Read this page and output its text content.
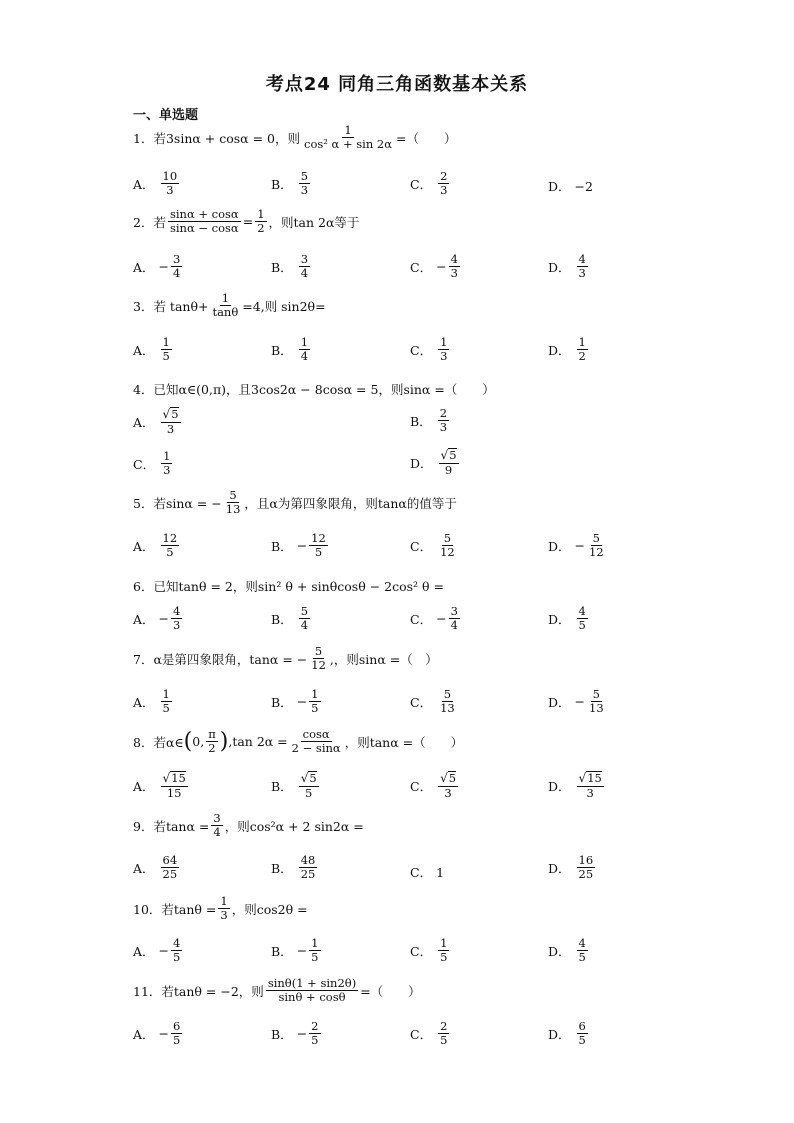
考点24 同角三角函数基本关系
一、单选题
1． 若3sinα + cosα = 0，则 $\frac{1}{\text{cos² α + sin 2α}}$ =（　　）
A． $\frac{10}{3}$	B． $\frac{5}{3}$	C． $\frac{2}{3}$	D． −2
2． 若 $\frac{\sin\alpha + \cos\alpha}{\sin\alpha - \cos\alpha} = \frac{1}{2}$ ，则tan 2α等于
A． − $\frac{3}{4}$	B． $\frac{3}{4}$	C． − $\frac{4}{3}$	D． $\frac{4}{3}$
3． 若 $\tan\theta+ \frac{1}{\tan\theta} =4$,则 sin2θ=
A． $\frac{1}{5}$	B． $\frac{1}{4}$	C． $\frac{1}{3}$	D． $\frac{1}{2}$
4． 已知α∈(0,π)，且3cos2α − 8cosα = 5，则sinα =（　　）
A． $\frac{√5}{3}$	B． $\frac{2}{3}$
C． $\frac{1}{3}$	D． $\frac{√5}{9}$
5． 若sinα = − $\frac{5}{13}$ ，且α为第四象限角，则tanα的值等于
A． $\frac{12}{5}$	B． − $\frac{12}{5}$	C． $\frac{5}{12}$	D． − $\frac{5}{12}$
6． 已知tanθ = 2，则sin² θ + sinθcosθ − 2cos² θ =
A． − $\frac{4}{3}$	B． $\frac{5}{4}$	C． − $\frac{3}{4}$	D． $\frac{4}{5}$
7． α是第四象限角，tanα = − $\frac{5}{12}$ ,，则sinα =（　）
A． $\frac{1}{5}$	B． − $\frac{1}{5}$	C． $\frac{5}{13}$	D． − $\frac{5}{13}$
8． 若α∈ ( 0, $\frac{\pi}{2}$ ) ,tan $2\alpha = \frac{\cos\alpha}{2 - \sin\alpha}$ ，则tanα =（　　）
A． $\frac{√15}{15}$	B． $\frac{√5}{5}$	C． $\frac{√5}{3}$	D． $\frac{√15}{3}$
9． 若$\tan\alpha = \frac{3}{4}$ ，则cos²α + 2 sin2α =
A． $\frac{64}{25}$	B． $\frac{48}{25}$	C． 1	D． $\frac{16}{25}$
10． 若$\tan\theta = \frac{1}{3}$ ，则cos2θ =
A． − $\frac{4}{5}$	B． − $\frac{1}{5}$	C． $\frac{1}{5}$	D． $\frac{4}{5}$
11． 若tanθ = −2，则 $\frac{\sin\theta(1 + \sin 2\theta)}{\sin\theta + \cos\theta}$ =（　　）
A． − $\frac{6}{5}$	B． − $\frac{2}{5}$	C． $\frac{2}{5}$	D． $\frac{6}{5}$
